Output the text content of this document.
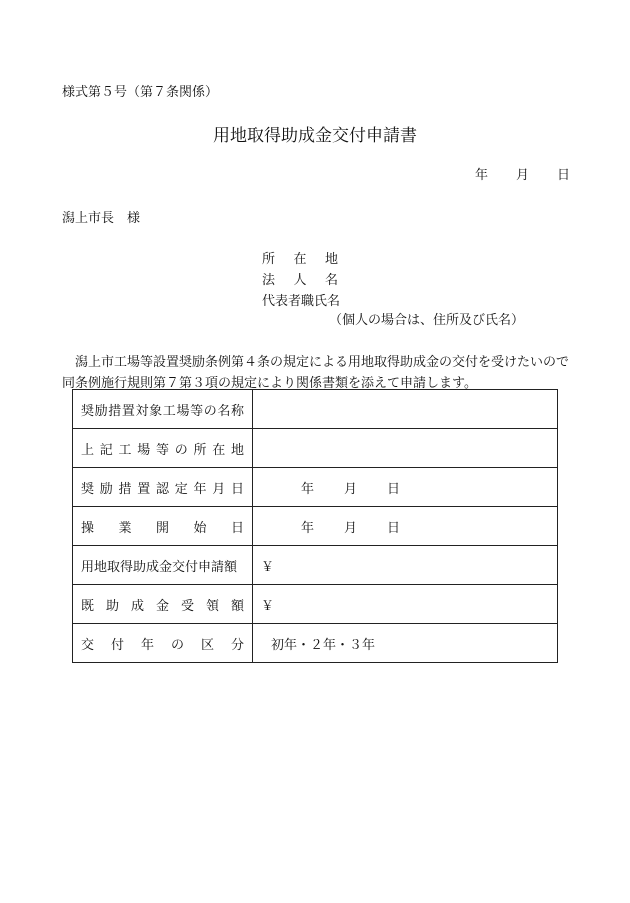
様式第５号（第７条関係）
用地取得助成金交付申請書
年 月 日
潟上市長　様
所在地
法人名
代表者職氏名
（個人の場合は、住所及び氏名）
潟上市工場等設置奨励条例第４条の規定による用地取得助成金の交付を受けたいので同条例施行規則第７第３項の規定により関係書類を添えて申請します。
奨励措置対象工場等の名称	

上記工場等の所在地	

奨励措置認定年月日	年 月 日

操業開始日	年 月 日

用地取得助成金交付申請額	￥

既助成金受領額	￥

交付年の区分	初年・２年・３年
